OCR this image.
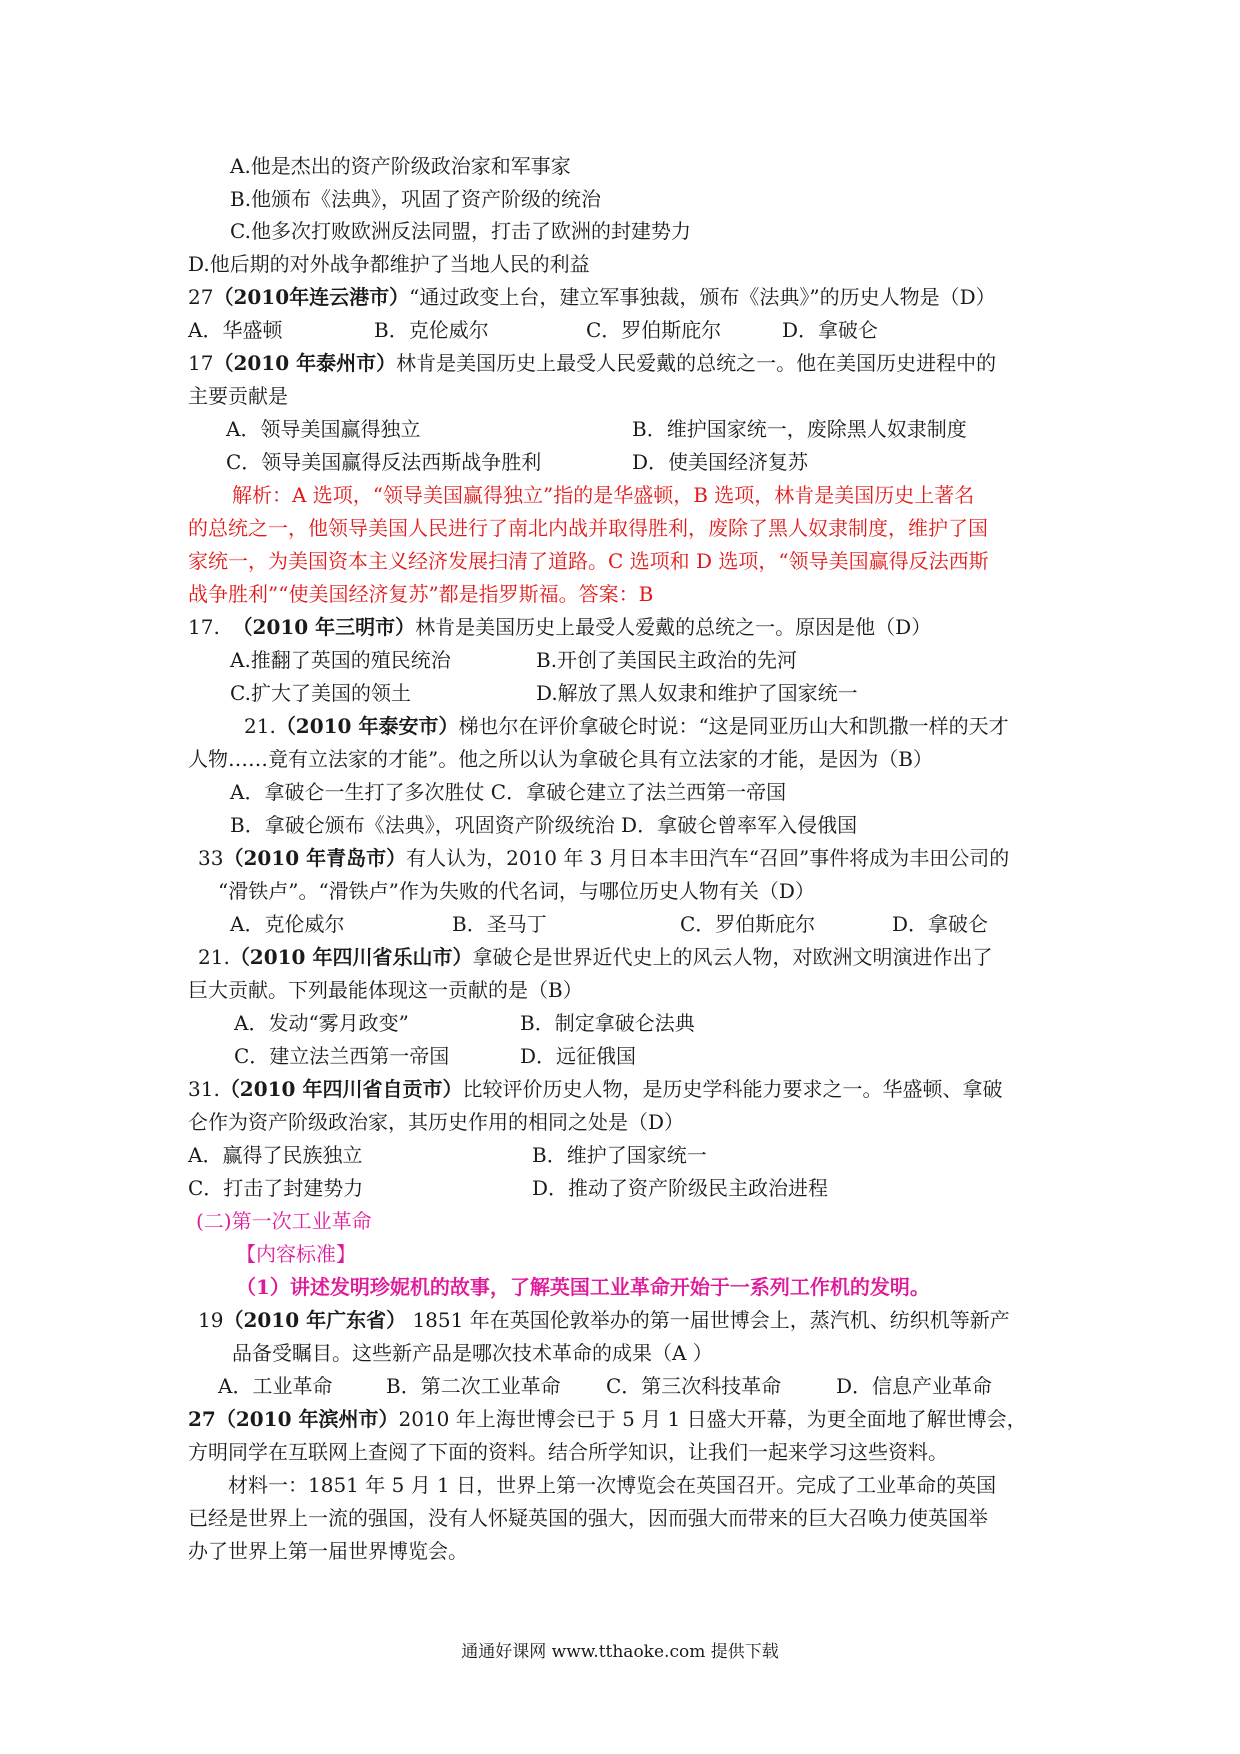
A.他是杰出的资产阶级政治家和军事家
B.他颁布《法典》，巩固了资产阶级的统治
C.他多次打败欧洲反法同盟，打击了欧洲的封建势力
D.他后期的对外战争都维护了当地人民的利益
27（2010年连云港市）“通过政变上台，建立军事独裁，颁布《法典》”的历史人物是（D）
A．华盛顿	B．克伦威尔	C．罗伯斯庇尔	D．拿破仑
17（2010 年泰州市）林肯是美国历史上最受人民爱戴的总统之一。他在美国历史进程中的
主要贡献是
A．领导美国赢得独立	B．维护国家统一，废除黑人奴隶制度
C．领导美国赢得反法西斯战争胜利	D．使美国经济复苏
解析：A 选项，“领导美国赢得独立”指的是华盛顿，B 选项，林肯是美国历史上著名
的总统之一，他领导美国人民进行了南北内战并取得胜利，废除了黑人奴隶制度，维护了国
家统一，为美国资本主义经济发展扫清了道路。C 选项和 D 选项，“领导美国赢得反法西斯
战争胜利”“使美国经济复苏”都是指罗斯福。答案：B
17. （2010 年三明市）林肯是美国历史上最受人爱戴的总统之一。原因是他（D）
A.推翻了英国的殖民统治	B.开创了美国民主政治的先河
C.扩大了美国的领土	D.解放了黑人奴隶和维护了国家统一
21.（2010 年泰安市）梯也尔在评价拿破仑时说：“这是同亚历山大和凯撒一样的天才
人物……竟有立法家的才能”。他之所以认为拿破仑具有立法家的才能，是因为（B）
A．拿破仑一生打了多次胜仗 C．拿破仑建立了法兰西第一帝国
B．拿破仑颁布《法典》，巩固资产阶级统治 D．拿破仑曾率军入侵俄国
33（2010 年青岛市）有人认为，2010 年 3 月日本丰田汽车“召回”事件将成为丰田公司的
“滑铁卢”。“滑铁卢”作为失败的代名词，与哪位历史人物有关（D）
A．克伦威尔	B．圣马丁	C．罗伯斯庇尔	D．拿破仑
21.（2010 年四川省乐山市）拿破仑是世界近代史上的风云人物，对欧洲文明演进作出了
巨大贡献。下列最能体现这一贡献的是（B）
A．发动“雾月政变”	B．制定拿破仑法典
C．建立法兰西第一帝国	D．远征俄国
31.（2010 年四川省自贡市）比较评价历史人物，是历史学科能力要求之一。华盛顿、拿破
仑作为资产阶级政治家，其历史作用的相同之处是（D）
A．赢得了民族独立	B．维护了国家统一
C．打击了封建势力	D．推动了资产阶级民主政治进程
(二)第一次工业革命
【内容标准】
（1）讲述发明珍妮机的故事，了解英国工业革命开始于一系列工作机的发明。
19（2010 年广东省） 1851 年在英国伦敦举办的第一届世博会上，蒸汽机、纺织机等新产
品备受瞩目。这些新产品是哪次技术革命的成果（A ）
A．工业革命	B．第二次工业革命 C．第三次科技革命	D．信息产业革命
27（2010 年滨州市）2010 年上海世博会已于 5 月 1 日盛大开幕，为更全面地了解世博会，
方明同学在互联网上查阅了下面的资料。结合所学知识，让我们一起来学习这些资料。
材料一：1851 年 5 月 1 日，世界上第一次博览会在英国召开。完成了工业革命的英国
已经是世界上一流的强国，没有人怀疑英国的强大，因而强大而带来的巨大召唤力使英国举
办了世界上第一届世界博览会。
通通好课网 www.tthaoke.com 提供下载
